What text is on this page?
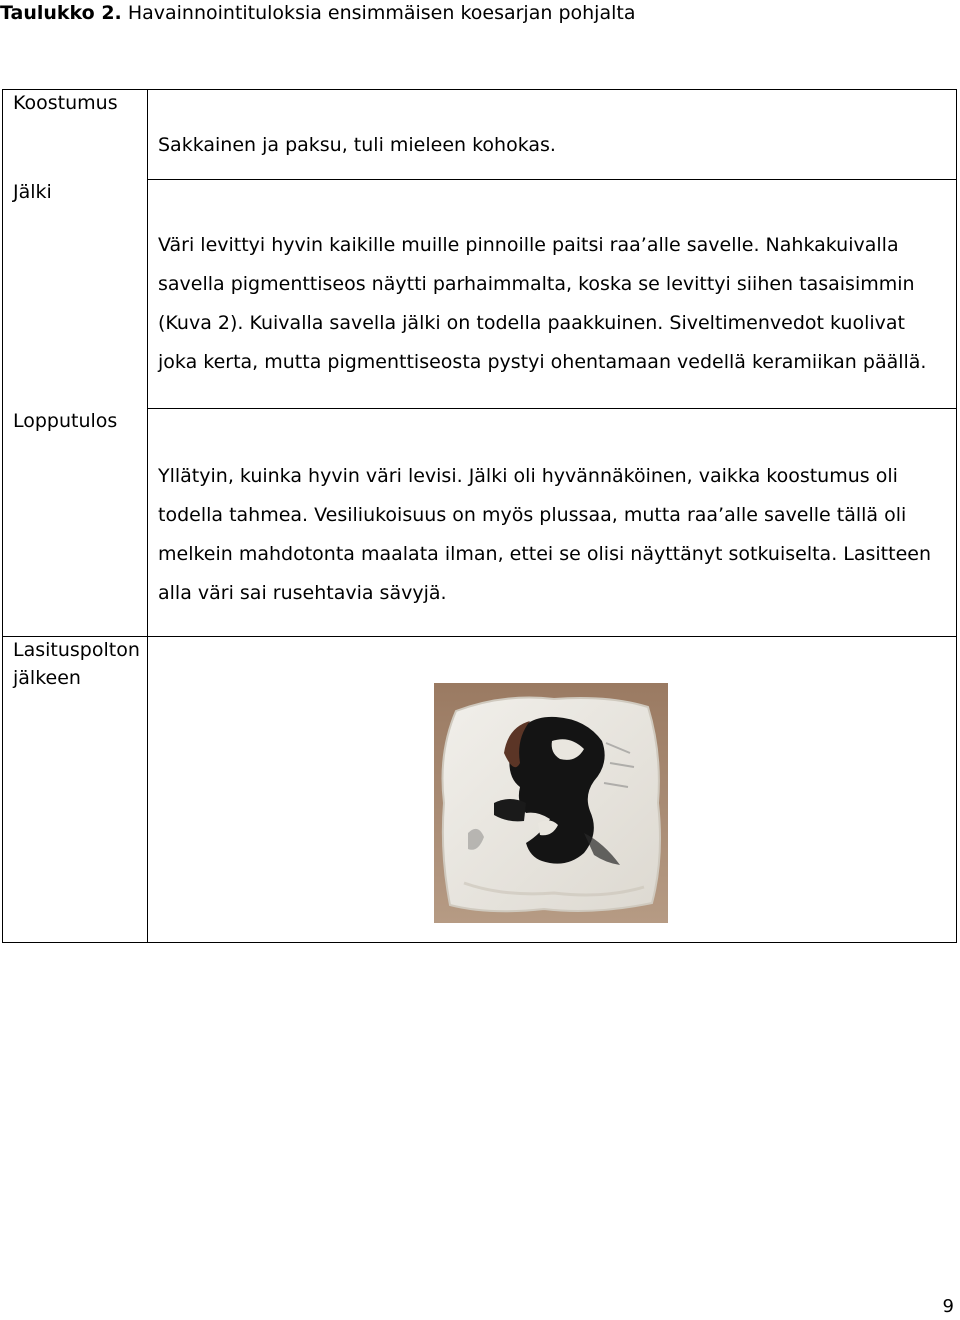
Taulukko 2. Havainnointituloksia ensimmäisen koesarjan pohjalta
Koostumus
Jälki
Lopputulos
Lasituspolton jälkeen
Sakkainen ja paksu, tuli mieleen kohokas.
Väri levittyi hyvin kaikille muille pinnoille paitsi raa’alle savelle. Nahkakuivalla savella pigmenttiseos näytti parhaimmalta, koska se levittyi siihen tasaisimmin (Kuva 2). Kuivalla savella jälki on todella paakkuinen. Siveltimenvedot kuolivat joka kerta, mutta pigmenttiseosta pystyi ohentamaan vedellä keramiikan päällä.
Yllätyin, kuinka hyvin väri levisi. Jälki oli hyvännäköinen, vaikka koostumus oli todella tahmea. Vesiliukoisuus on myös plussaa, mutta raa’alle savelle tällä oli melkein mahdotonta maalata ilman, ettei se olisi näyttänyt sotkuiselta. Lasitteen alla väri sai rusehtavia sävyjä.
9
